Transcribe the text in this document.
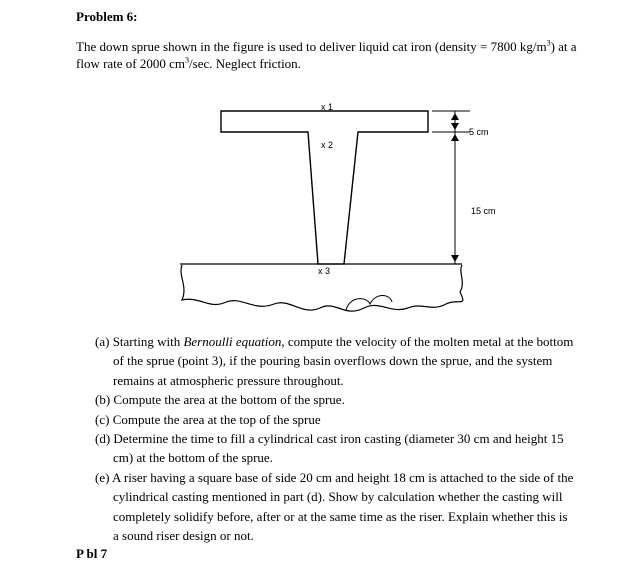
Problem 6:
The down sprue shown in the figure is used to deliver liquid cat iron (density = 7800 $kg/m^3$) at a flow rate of 2000 $cm^3/\sec$. Neglect friction.
x 1
x 2
x 3
5 cm
15 cm
(a) Starting with Bernoulli equation, compute the velocity of the molten metal at the bottom of the sprue (point 3), if the pouring basin overflows down the sprue, and the system remains at atmospheric pressure throughout.
(b) Compute the area at the bottom of the sprue.
(c) Compute the area at the top of the sprue
(d) Determine the time to fill a cylindrical cast iron casting (diameter 30 cm and height 15 cm) at the bottom of the sprue.
(e) A riser having a square base of side 20 cm and height 18 cm is attached to the side of the cylindrical casting mentioned in part (d). Show by calculation whether the casting will completely solidify before, after or at the same time as the riser. Explain whether this is a sound riser design or not.
P bl 7
